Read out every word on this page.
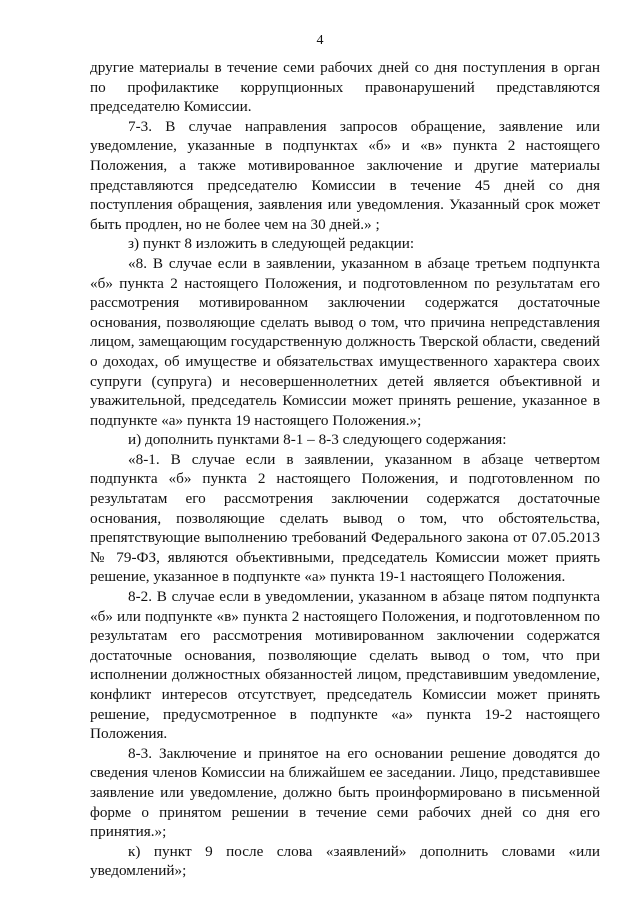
4

другие материалы в течение семи рабочих дней со дня поступления в орган по профилактике коррупционных правонарушений представляются председателю Комиссии.

7-3. В случае направления запросов обращение, заявление или уведомление, указанные в подпунктах «б» и «в» пункта 2 настоящего Положения, а также мотивированное заключение и другие материалы представляются председателю Комиссии в течение 45 дней со дня поступления обращения, заявления или уведомления. Указанный срок может быть продлен, но не более чем на 30 дней.» ;

з) пункт 8 изложить в следующей редакции:

«8. В случае если в заявлении, указанном в абзаце третьем подпункта «б» пункта 2 настоящего Положения, и подготовленном по результатам его рассмотрения мотивированном заключении содержатся достаточные основания, позволяющие сделать вывод о том, что причина непредставления лицом, замещающим государственную должность Тверской области, сведений о доходах, об имуществе и обязательствах имущественного характера своих супруги (супруга) и несовершеннолетних детей является объективной и уважительной, председатель Комиссии может принять решение, указанное в подпункте «а» пункта 19 настоящего Положения.»;

и) дополнить пунктами 8-1 – 8-3 следующего содержания:

«8-1. В случае если в заявлении, указанном в абзаце четвертом подпункта «б» пункта 2 настоящего Положения, и подготовленном по результатам его рассмотрения заключении содержатся достаточные основания, позволяющие сделать вывод о том, что обстоятельства, препятствующие выполнению требований Федерального закона от 07.05.2013 № 79-ФЗ, являются объективными, председатель Комиссии может приять решение, указанное в подпункте «а» пункта 19-1 настоящего Положения.

8-2. В случае если в уведомлении, указанном в абзаце пятом подпункта «б» или подпункте «в» пункта 2 настоящего Положения, и подготовленном по результатам его рассмотрения мотивированном заключении содержатся достаточные основания, позволяющие сделать вывод о том, что при исполнении должностных обязанностей лицом, представившим уведомление, конфликт интересов отсутствует, председатель Комиссии может принять решение, предусмотренное в подпункте «а» пункта 19-2 настоящего Положения.

8-3. Заключение и принятое на его основании решение доводятся до сведения членов Комиссии на ближайшем ее заседании. Лицо, представившее заявление или уведомление, должно быть проинформировано в письменной форме о принятом решении в течение семи рабочих дней со дня его принятия.»;

к) пункт 9 после слова «заявлений» дополнить словами «или уведомлений»;
